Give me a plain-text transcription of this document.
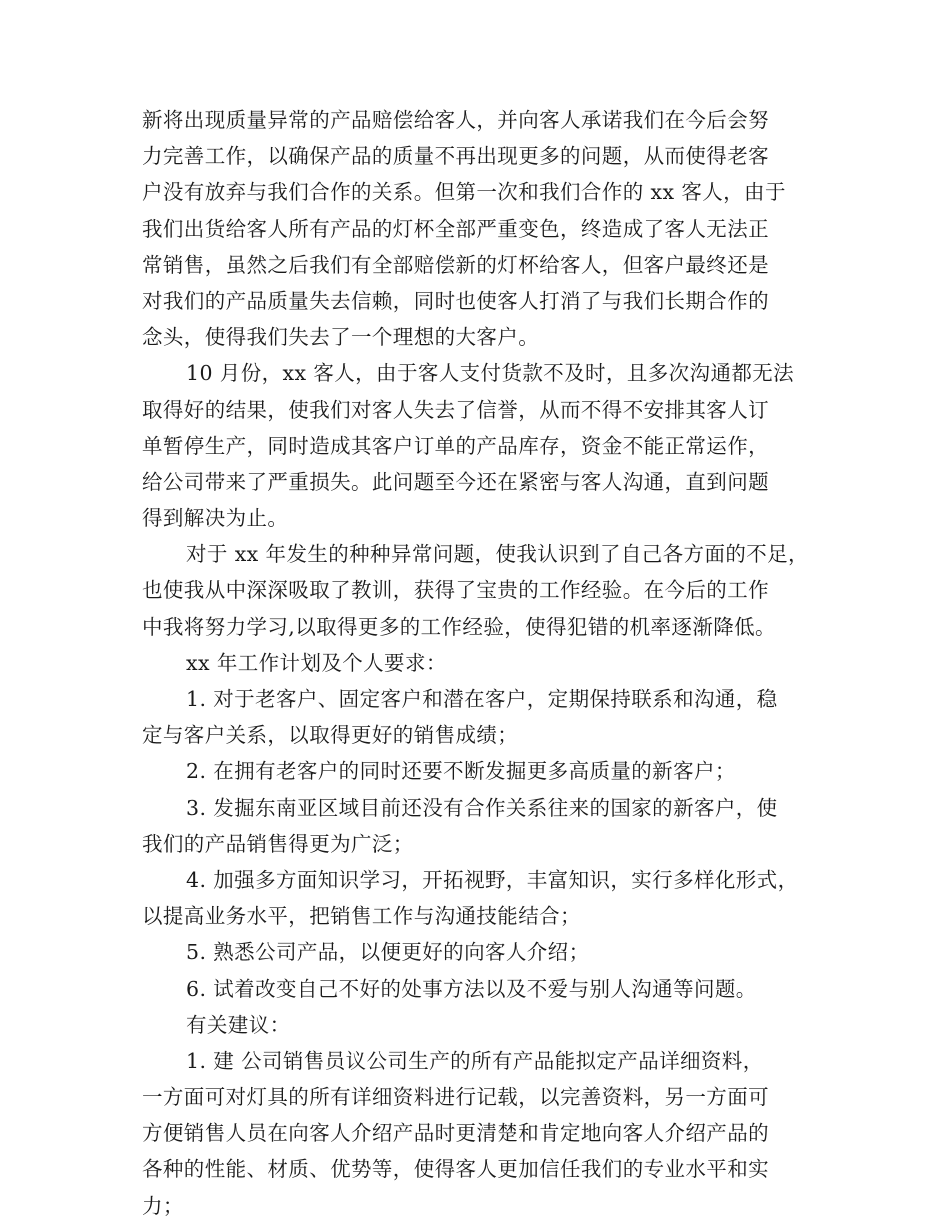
新将出现质量异常的产品赔偿给客人，并向客人承诺我们在今后会努
力完善工作，以确保产品的质量不再出现更多的问题，从而使得老客
户没有放弃与我们合作的关系。但第一次和我们合作的 xx 客人，由于
我们出货给客人所有产品的灯杯全部严重变色，终造成了客人无法正
常销售，虽然之后我们有全部赔偿新的灯杯给客人，但客户最终还是
对我们的产品质量失去信赖，同时也使客人打消了与我们长期合作的
念头，使得我们失去了一个理想的大客户。
10 月份，xx 客人，由于客人支付货款不及时，且多次沟通都无法
取得好的结果，使我们对客人失去了信誉，从而不得不安排其客人订
单暂停生产，同时造成其客户订单的产品库存，资金不能正常运作，
给公司带来了严重损失。此问题至今还在紧密与客人沟通，直到问题
得到解决为止。
对于 xx 年发生的种种异常问题，使我认识到了自己各方面的不足，
也使我从中深深吸取了教训，获得了宝贵的工作经验。在今后的工作
中我将努力学习,以取得更多的工作经验，使得犯错的机率逐渐降低。
xx 年工作计划及个人要求：
1. 对于老客户、固定客户和潜在客户，定期保持联系和沟通，稳
定与客户关系，以取得更好的销售成绩；
2. 在拥有老客户的同时还要不断发掘更多高质量的新客户；
3. 发掘东南亚区域目前还没有合作关系往来的国家的新客户，使
我们的产品销售得更为广泛；
4. 加强多方面知识学习，开拓视野，丰富知识，实行多样化形式，
以提高业务水平，把销售工作与沟通技能结合；
5. 熟悉公司产品，以便更好的向客人介绍；
6. 试着改变自己不好的处事方法以及不爱与别人沟通等问题。
有关建议：
1. 建 公司销售员议公司生产的所有产品能拟定产品详细资料，
一方面可对灯具的所有详细资料进行记载，以完善资料，另一方面可
方便销售人员在向客人介绍产品时更清楚和肯定地向客人介绍产品的
各种的性能、材质、优势等，使得客人更加信任我们的专业水平和实
力；
